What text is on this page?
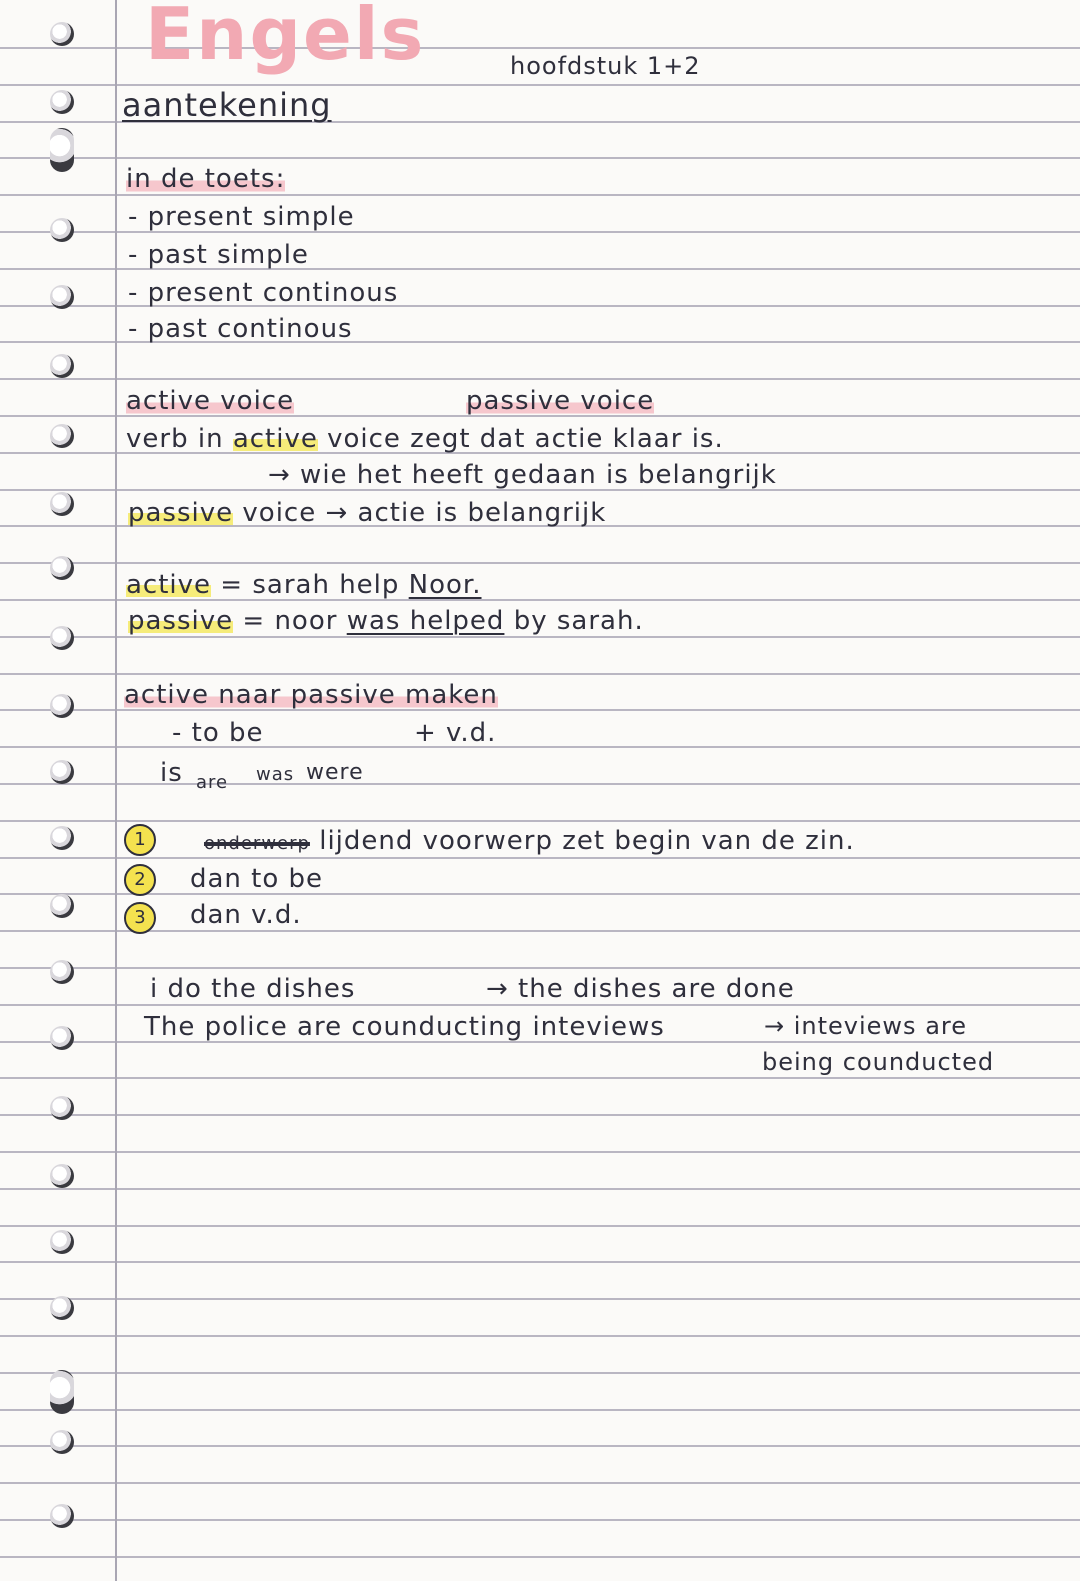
Engels	hoofdstuk 1+2
aantekening
in de toets:
- present simple
- past simple
- present continous
- past continous
active voice	passive voice
verb in active voice zegt dat actie klaar is.
→ wie het heeft gedaan is belangrijk
passive voice → actie is belangrijk
active = sarah help Noor.
passive = noor was helped by sarah.
active naar passive maken
- to be	+ v.d.
is are was were
1	onderwerp lijdend voorwerp zet begin van de zin.
2	dan to be
3	dan v.d.
i do the dishes	→ the dishes are done
The police are counducting inteviews	→ inteviews are
being counducted
